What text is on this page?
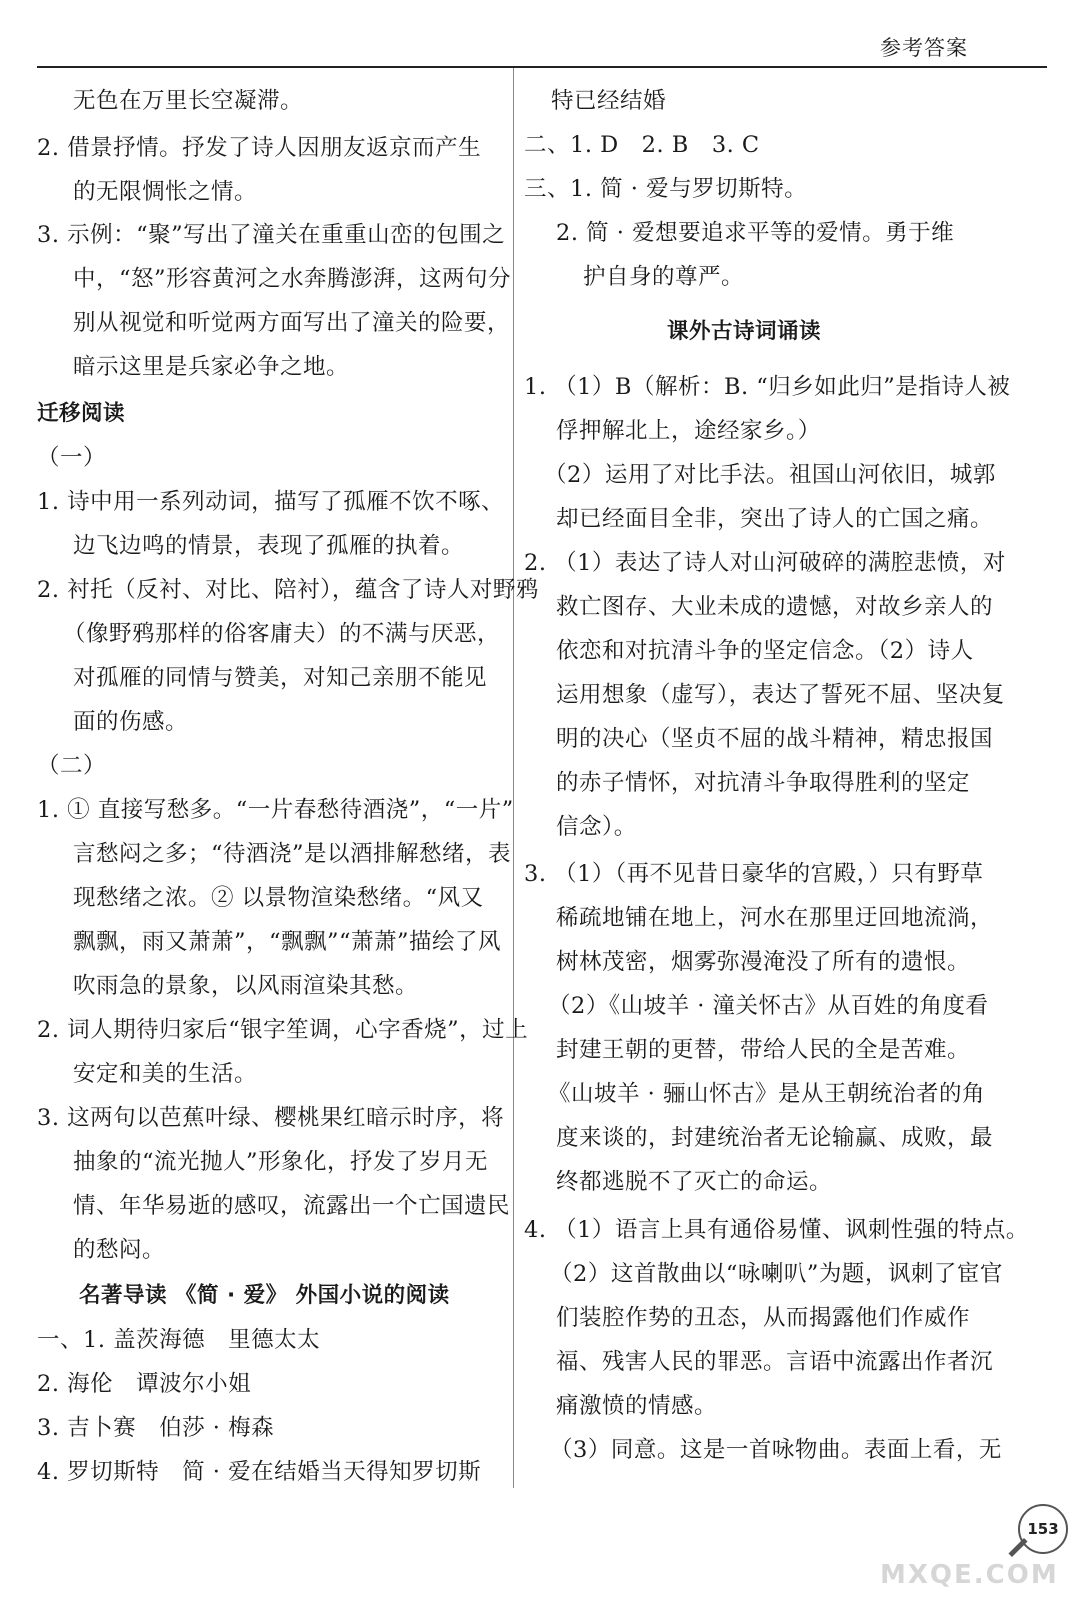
参考答案
无色在万里长空凝滞。
2. 借景抒情。抒发了诗人因朋友返京而产生
的无限惆怅之情。
3. 示例：“聚”写出了潼关在重重山峦的包围之
中，“怒”形容黄河之水奔腾澎湃，这两句分
别从视觉和听觉两方面写出了潼关的险要，
暗示这里是兵家必争之地。
迁移阅读
（一）
1. 诗中用一系列动词，描写了孤雁不饮不啄、
边飞边鸣的情景，表现了孤雁的执着。
2. 衬托（反衬、对比、陪衬），蕴含了诗人对野鸦
（像野鸦那样的俗客庸夫）的不满与厌恶，
对孤雁的同情与赞美，对知己亲朋不能见
面的伤感。
（二）
1. ① 直接写愁多。“一片春愁待酒浇”，“一片”
言愁闷之多；“待酒浇”是以酒排解愁绪，表
现愁绪之浓。② 以景物渲染愁绪。“风又
飘飘，雨又萧萧”，“飘飘”“萧萧”描绘了风
吹雨急的景象，以风雨渲染其愁。
2. 词人期待归家后“银字笙调，心字香烧”，过上
安定和美的生活。
3. 这两句以芭蕉叶绿、樱桃果红暗示时序，将
抽象的“流光抛人”形象化，抒发了岁月无
情、年华易逝的感叹，流露出一个亡国遗民
的愁闷。
名著导读 《简 · 爱》 外国小说的阅读
一、1. 盖茨海德　里德太太
2. 海伦　谭波尔小姐
3. 吉卜赛　伯莎 · 梅森
4. 罗切斯特　简 · 爱在结婚当天得知罗切斯
特已经结婚
二、1. D　2. B　3. C
三、1. 简 · 爱与罗切斯特。
2. 简 · 爱想要追求平等的爱情。勇于维
护自身的尊严。
课外古诗词诵读
1. （1）B（解析：B. “归乡如此归”是指诗人被
俘押解北上，途经家乡。）
（2）运用了对比手法。祖国山河依旧，城郭
却已经面目全非，突出了诗人的亡国之痛。
2. （1）表达了诗人对山河破碎的满腔悲愤，对
救亡图存、大业未成的遗憾，对故乡亲人的
依恋和对抗清斗争的坚定信念。（2）诗人
运用想象（虚写），表达了誓死不屈、坚决复
明的决心（坚贞不屈的战斗精神，精忠报国
的赤子情怀，对抗清斗争取得胜利的坚定
信念）。
3. （1）（再不见昔日豪华的宫殿，）只有野草
稀疏地铺在地上，河水在那里迂回地流淌，
树林茂密，烟雾弥漫淹没了所有的遗恨。
（2）《山坡羊 · 潼关怀古》从百姓的角度看
封建王朝的更替，带给人民的全是苦难。
《山坡羊 · 骊山怀古》是从王朝统治者的角
度来谈的，封建统治者无论输赢、成败，最
终都逃脱不了灭亡的命运。
4. （1）语言上具有通俗易懂、讽刺性强的特点。
（2）这首散曲以“咏喇叭”为题，讽刺了宦官
们装腔作势的丑态，从而揭露他们作威作
福、残害人民的罪恶。言语中流露出作者沉
痛激愤的情感。
（3）同意。这是一首咏物曲。表面上看，无
153
MXQE.COM
